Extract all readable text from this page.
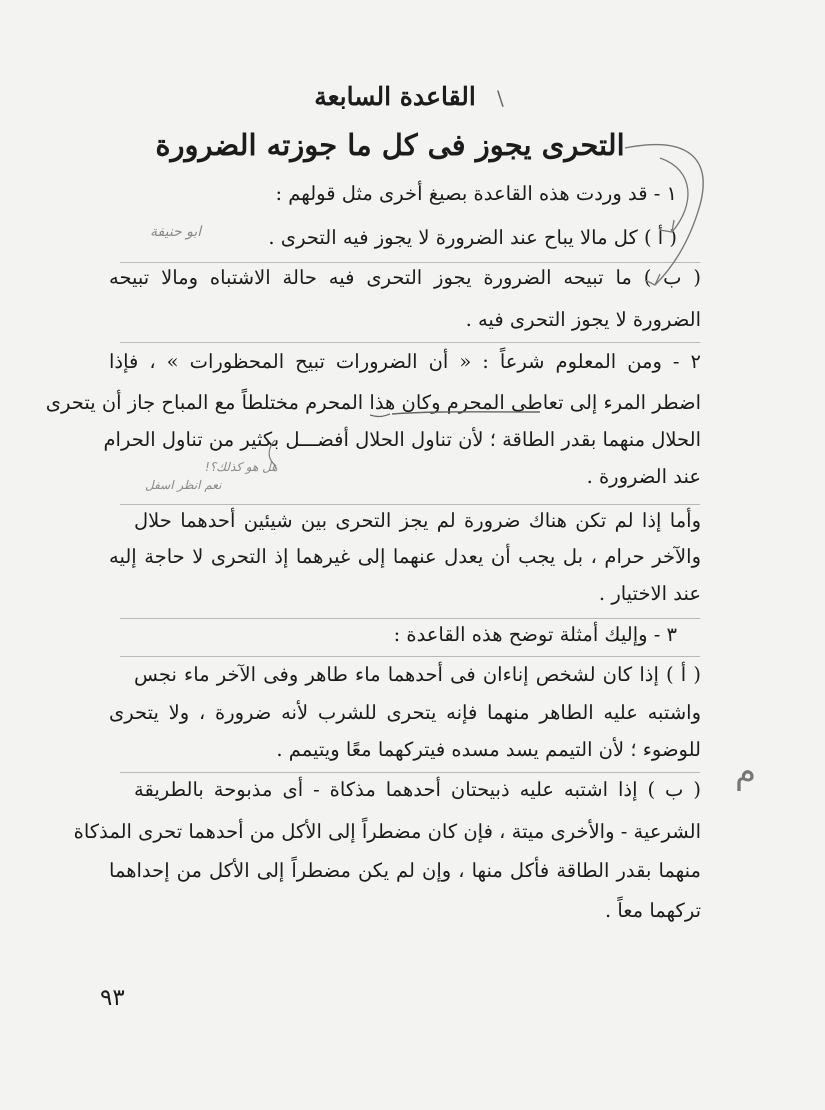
\
القاعدة السابعة
التحرى يجوز فى كل ما جوزته الضرورة
١ - قد وردت هذه القاعدة بصيغ أخرى مثل قولهم :
( أ ) كل مالا يباح عند الضرورة لا يجوز فيه التحرى .
( ب ) ما تبيحه الضرورة يجوز التحرى فيه حالة الاشتباه ومالا تبيحه
الضرورة لا يجوز التحرى فيه .
٢ - ومن المعلوم شرعاً : « أن الضرورات تبيح المحظورات » ، فإذا
اضطر المرء إلى تعاطى المحرم وكان هذا المحرم مختلطاً مع المباح جاز أن يتحرى
الحلال منهما بقدر الطاقة ؛ لأن تناول الحلال أفضـــل بكثير من تناول الحرام
عند الضرورة .
وأما إذا لم تكن هناك ضرورة لم يجز التحرى بين شيئين أحدهما حلال
والآخر حرام ، بل يجب أن يعدل عنهما إلى غيرهما إذ التحرى لا حاجة إليه
عند الاختيار .
٣ - وإليك أمثلة توضح هذه القاعدة :
( أ ) إذا كان لشخص إناءان فى أحدهما ماء طاهر وفى الآخر ماء نجس
واشتبه عليه الطاهر منهما فإنه يتحرى للشرب لأنه ضرورة ، ولا يتحرى
للوضوء ؛ لأن التيمم يسد مسده فيتركهما معًا ويتيمم .
( ب ) إذا اشتبه عليه ذبيحتان أحدهما مذكاة - أى مذبوحة بالطريقة
الشرعية - والأخرى ميتة ، فإن كان مضطراً إلى الأكل من أحدهما تحرى المذكاة
منهما بقدر الطاقة فأكل منها ، وإن لم يكن مضطراً إلى الأكل من إحداهما
تركهما معاً .
ابو حنيفة
هل هو كذلك؟!
نعم انظر اسفل
م
٩٣
